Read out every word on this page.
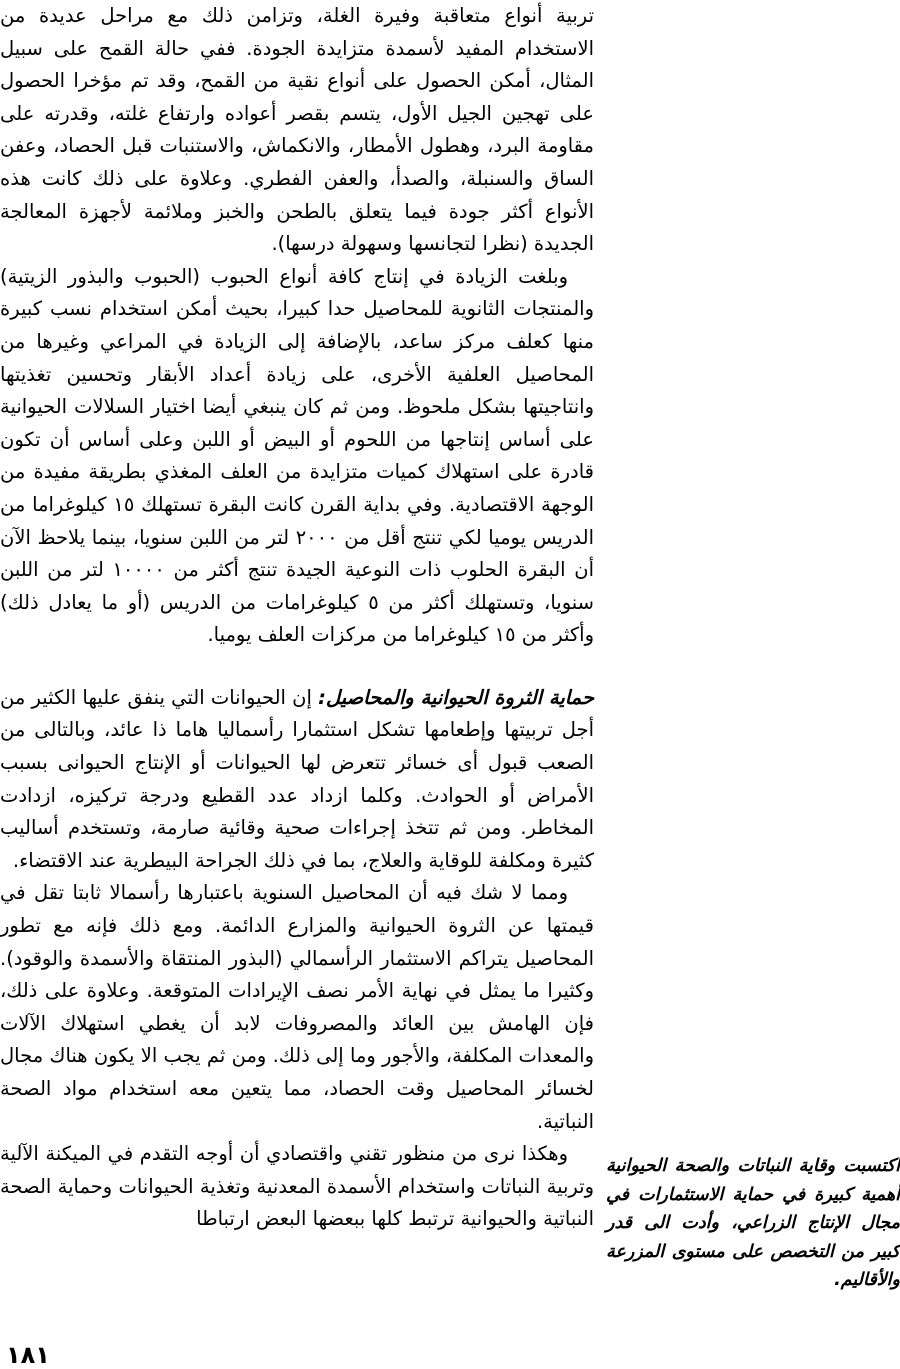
تربية أنواع متعاقبة وفيرة الغلة، وتزامن ذلك مع مراحل عديدة من الاستخدام المفيد لأسمدة متزايدة الجودة. ففي حالة القمح على سبيل المثال، أمكن الحصول على أنواع نقية من القمح، وقد تم مؤخرا الحصول على تهجين الجيل الأول، يتسم بقصر أعواده وارتفاع غلته، وقدرته على مقاومة البرد، وهطول الأمطار، والانكماش، والاستنبات قبل الحصاد، وعفن الساق والسنبلة، والصدأ، والعفن الفطري. وعلاوة على ذلك كانت هذه الأنواع أكثر جودة فيما يتعلق بالطحن والخبز وملائمة لأجهزة المعالجة الجديدة (نظرا لتجانسها وسهولة درسها).

وبلغت الزيادة في إنتاج كافة أنواع الحبوب (الحبوب والبذور الزيتية) والمنتجات الثانوية للمحاصيل حدا كبيرا، بحيث أمكن استخدام نسب كبيرة منها كعلف مركز ساعد، بالإضافة إلى الزيادة في المراعي وغيرها من المحاصيل العلفية الأخرى، على زيادة أعداد الأبقار وتحسين تغذيتها وانتاجيتها بشكل ملحوظ. ومن ثم كان ينبغي أيضا اختيار السلالات الحيوانية على أساس إنتاجها من اللحوم أو البيض أو اللبن وعلى أساس أن تكون قادرة على استهلاك كميات متزايدة من العلف المغذي بطريقة مفيدة من الوجهة الاقتصادية. وفي بداية القرن كانت البقرة تستهلك ١٥ كيلوغراما من الدريس يوميا لكي تنتج أقل من ٢٠٠٠ لتر من اللبن سنويا، بينما يلاحظ الآن أن البقرة الحلوب ذات النوعية الجيدة تنتج أكثر من ١٠٠٠٠ لتر من اللبن سنويا، وتستهلك أكثر من ٥ كيلوغرامات من الدريس (أو ما يعادل ذلك) وأكثر من ١٥ كيلوغراما من مركزات العلف يوميا.

حماية الثروة الحيوانية والمحاصيل: إن الحيوانات التي ينفق عليها الكثير من أجل تربيتها وإطعامها تشكل استثمارا رأسماليا هاما ذا عائد، وبالتالى من الصعب قبول أى خسائر تتعرض لها الحيوانات أو الإنتاج الحيوانى بسبب الأمراض أو الحوادث. وكلما ازداد عدد القطيع ودرجة تركيزه، ازدادت المخاطر. ومن ثم تتخذ إجراءات صحية وقائية صارمة، وتستخدم أساليب كثيرة ومكلفة للوقاية والعلاج، بما في ذلك الجراحة البيطرية عند الاقتضاء.

ومما لا شك فيه أن المحاصيل السنوية باعتبارها رأسمالا ثابتا تقل في قيمتها عن الثروة الحيوانية والمزارع الدائمة. ومع ذلك فإنه مع تطور المحاصيل يتراكم الاستثمار الرأسمالي (البذور المنتقاة والأسمدة والوقود). وكثيرا ما يمثل في نهاية الأمر نصف الإيرادات المتوقعة. وعلاوة على ذلك، فإن الهامش بين العائد والمصروفات لابد أن يغطي استهلاك الآلات والمعدات المكلفة، والأجور وما إلى ذلك. ومن ثم يجب الا يكون هناك مجال لخسائر المحاصيل وقت الحصاد، مما يتعين معه استخدام مواد الصحة النباتية.

وهكذا نرى من منظور تقني واقتصادي أن أوجه التقدم في الميكنة الآلية وتربية النباتات واستخدام الأسمدة المعدنية وتغذية الحيوانات وحماية الصحة النباتية والحيوانية ترتبط كلها ببعضها البعض ارتباطا

اكتسبت وقاية النباتات والصحة الحيوانية أهمية كبيرة في حماية الاستثمارات في مجال الإنتاج الزراعي، وأدت الى قدر كبير من التخصص على مستوى المزرعة والأقاليم.
١٨١
